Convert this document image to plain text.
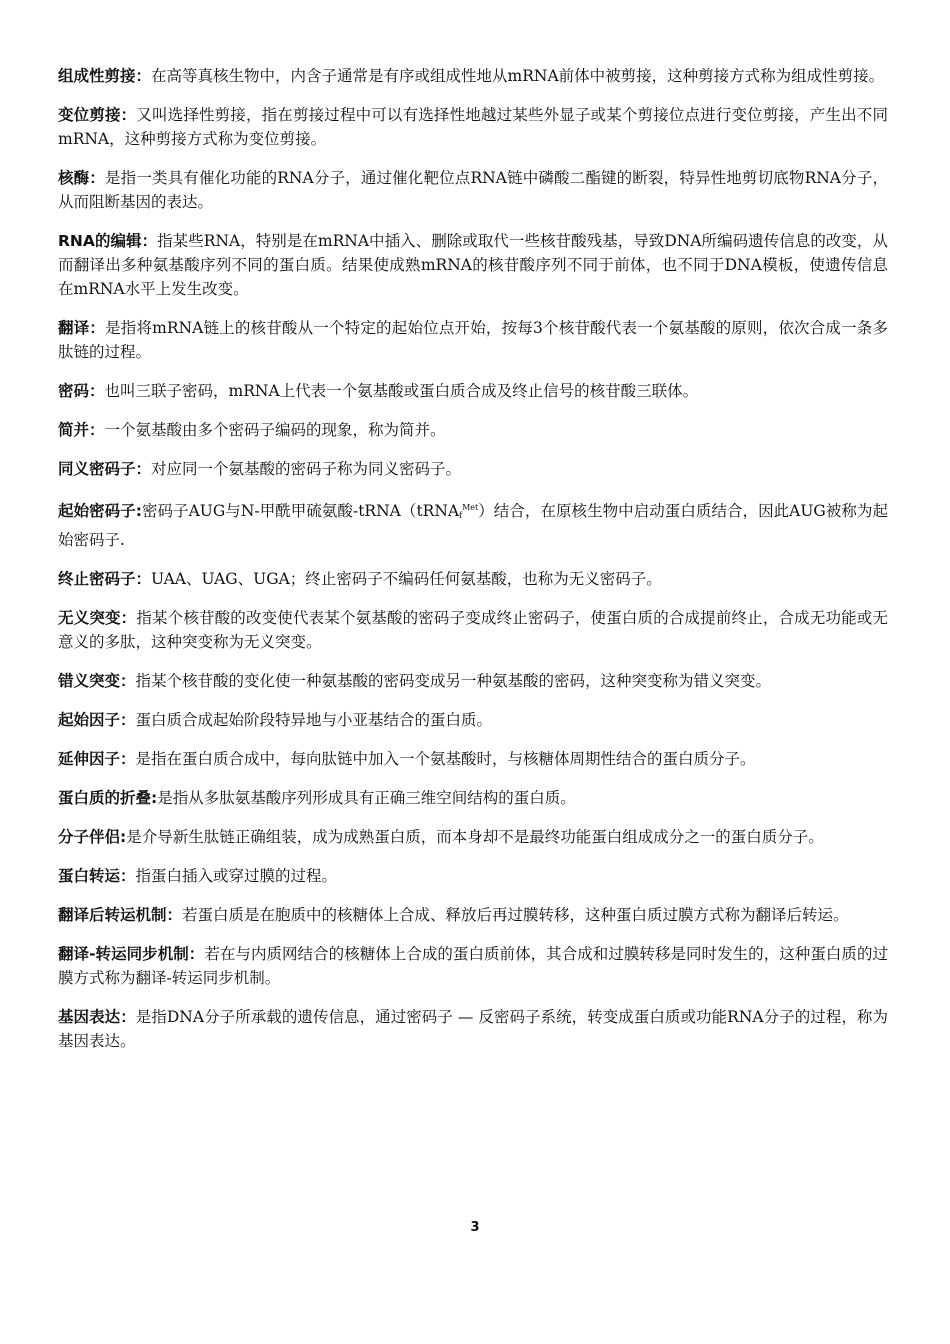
组成性剪接：在高等真核生物中，内含子通常是有序或组成性地从mRNA前体中被剪接，这种剪接方式称为组成性剪接。

变位剪接：又叫选择性剪接，指在剪接过程中可以有选择性地越过某些外显子或某个剪接位点进行变位剪接，产生出不同mRNA，这种剪接方式称为变位剪接。

核酶：是指一类具有催化功能的RNA分子，通过催化靶位点RNA链中磷酸二酯键的断裂，特异性地剪切底物RNA分子，从而阻断基因的表达。

RNA的编辑：指某些RNA，特别是在mRNA中插入、删除或取代一些核苷酸残基，导致DNA所编码遗传信息的改变，从而翻译出多种氨基酸序列不同的蛋白质。结果使成熟mRNA的核苷酸序列不同于前体，也不同于DNA模板，使遗传信息在mRNA水平上发生改变。

翻译：是指将mRNA链上的核苷酸从一个特定的起始位点开始，按每3个核苷酸代表一个氨基酸的原则，依次合成一条多肽链的过程。

密码：也叫三联子密码，mRNA上代表一个氨基酸或蛋白质合成及终止信号的核苷酸三联体。

简并：一个氨基酸由多个密码子编码的现象，称为简并。

同义密码子：对应同一个氨基酸的密码子称为同义密码子。

起始密码子:密码子AUG与N-甲酰甲硫氨酸-tRNA（tRNA$_f^{Met}$）结合，在原核生物中启动蛋白质结合，因此AUG被称为起始密码子.

终止密码子：UAA、UAG、UGA；终止密码子不编码任何氨基酸，也称为无义密码子。

无义突变：指某个核苷酸的改变使代表某个氨基酸的密码子变成终止密码子，使蛋白质的合成提前终止，合成无功能或无意义的多肽，这种突变称为无义突变。

错义突变：指某个核苷酸的变化使一种氨基酸的密码变成另一种氨基酸的密码，这种突变称为错义突变。

起始因子：蛋白质合成起始阶段特异地与小亚基结合的蛋白质。

延伸因子：是指在蛋白质合成中，每向肽链中加入一个氨基酸时，与核糖体周期性结合的蛋白质分子。

蛋白质的折叠:是指从多肽氨基酸序列形成具有正确三维空间结构的蛋白质。

分子伴侣:是介导新生肽链正确组装，成为成熟蛋白质，而本身却不是最终功能蛋白组成成分之一的蛋白质分子。

蛋白转运：指蛋白插入或穿过膜的过程。

翻译后转运机制：若蛋白质是在胞质中的核糖体上合成、释放后再过膜转移，这种蛋白质过膜方式称为翻译后转运。

翻译-转运同步机制：若在与内质网结合的核糖体上合成的蛋白质前体，其合成和过膜转移是同时发生的，这种蛋白质的过膜方式称为翻译-转运同步机制。

基因表达：是指DNA分子所承载的遗传信息，通过密码子 — 反密码子系统，转变成蛋白质或功能RNA分子的过程，称为基因表达。

3
